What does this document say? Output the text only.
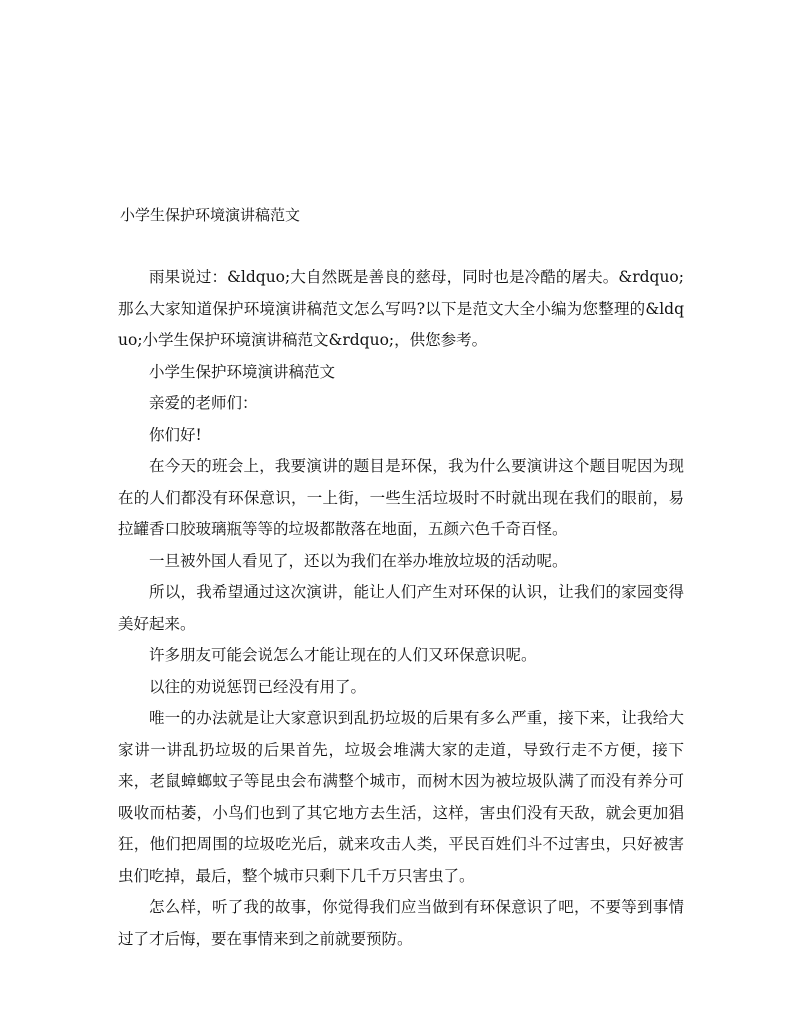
小学生保护环境演讲稿范文

雨果说过：&ldquo;大自然既是善良的慈母，同时也是冷酷的屠夫。&rdquo;那么大家知道保护环境演讲稿范文怎么写吗?以下是范文大全小编为您整理的&ldquo;小学生保护环境演讲稿范文&rdquo;，供您参考。

小学生保护环境演讲稿范文

亲爱的老师们：

你们好!

在今天的班会上，我要演讲的题目是环保，我为什么要演讲这个题目呢因为现在的人们都没有环保意识，一上街，一些生活垃圾时不时就出现在我们的眼前，易拉罐香口胶玻璃瓶等等的垃圾都散落在地面，五颜六色千奇百怪。

一旦被外国人看见了，还以为我们在举办堆放垃圾的活动呢。

所以，我希望通过这次演讲，能让人们产生对环保的认识，让我们的家园变得美好起来。

许多朋友可能会说怎么才能让现在的人们又环保意识呢。

以往的劝说惩罚已经没有用了。

唯一的办法就是让大家意识到乱扔垃圾的后果有多么严重，接下来，让我给大家讲一讲乱扔垃圾的后果首先，垃圾会堆满大家的走道，导致行走不方便，接下来，老鼠蟑螂蚊子等昆虫会布满整个城市，而树木因为被垃圾队满了而没有养分可吸收而枯萎，小鸟们也到了其它地方去生活，这样，害虫们没有天敌，就会更加猖狂，他们把周围的垃圾吃光后，就来攻击人类，平民百姓们斗不过害虫，只好被害虫们吃掉，最后，整个城市只剩下几千万只害虫了。

怎么样，听了我的故事，你觉得我们应当做到有环保意识了吧，不要等到事情过了才后悔，要在事情来到之前就要预防。
